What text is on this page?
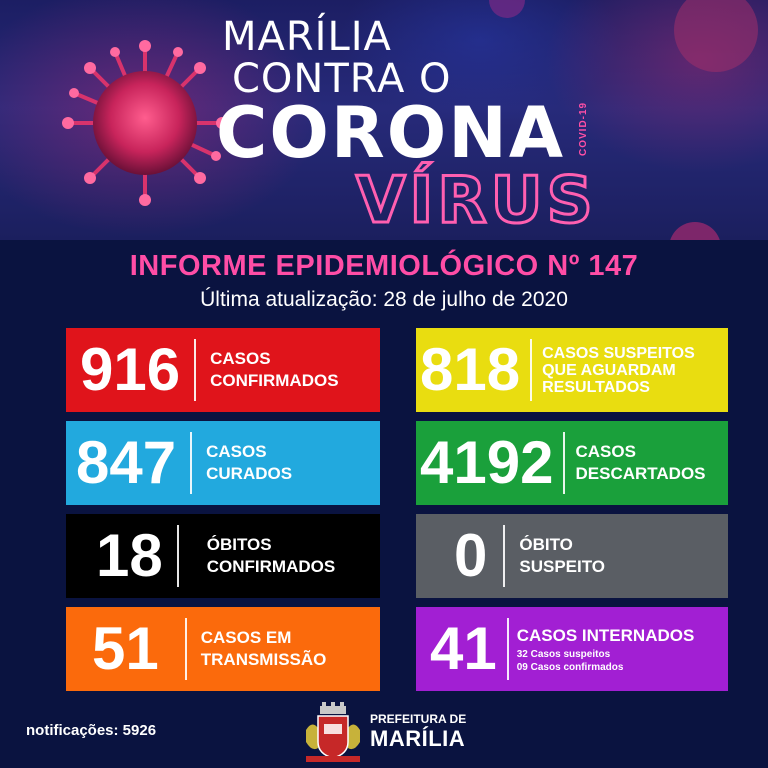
MARÍLIA
CONTRA O
CORONA COVID-19
VÍRUS
INFORME EPIDEMIOLÓGICO Nº 147
Última atualização: 28 de julho de 2020
916 CASOS
CONFIRMADOS 818 CASOS SUSPEITOS
QUE AGUARDAM
RESULTADOS
847 CASOS
CURADOS 4192 CASOS
DESCARTADOS
18	ÓBITOS
CONFIRMADOS 0 ÓBITO
SUSPEITO
51 CASOS EM
TRANSMISSÃO 41 CASOS INTERNADOS
32 Casos suspeitos
09 Casos confirmados
notificações: 5926
PREFEITURA DE
MARÍLIA
